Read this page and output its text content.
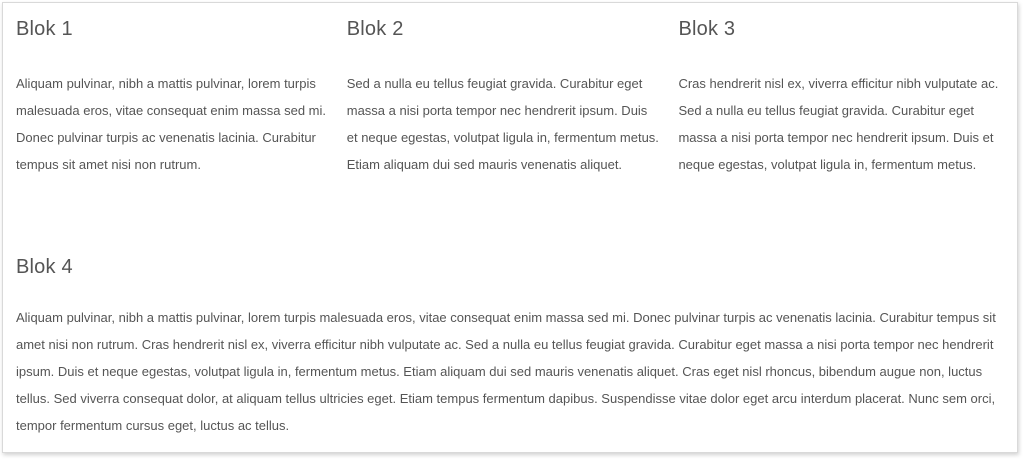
Blok 1

Aliquam pulvinar, nibh a mattis pulvinar, lorem turpis malesuada eros, vitae consequat enim massa sed mi. Donec pulvinar turpis ac venenatis lacinia. Curabitur tempus sit amet nisi non rutrum.

Blok 2

Sed a nulla eu tellus feugiat gravida. Curabitur eget massa a nisi porta tempor nec hendrerit ipsum. Duis et neque egestas, volutpat ligula in, fermentum metus. Etiam aliquam dui sed mauris venenatis aliquet.

Blok 3

Cras hendrerit nisl ex, viverra efficitur nibh vulputate ac. Sed a nulla eu tellus feugiat gravida. Curabitur eget massa a nisi porta tempor nec hendrerit ipsum. Duis et neque egestas, volutpat ligula in, fermentum metus.

Blok 4

Aliquam pulvinar, nibh a mattis pulvinar, lorem turpis malesuada eros, vitae consequat enim massa sed mi. Donec pulvinar turpis ac venenatis lacinia. Curabitur tempus sit amet nisi non rutrum. Cras hendrerit nisl ex, viverra efficitur nibh vulputate ac. Sed a nulla eu tellus feugiat gravida. Curabitur eget massa a nisi porta tempor nec hendrerit ipsum. Duis et neque egestas, volutpat ligula in, fermentum metus. Etiam aliquam dui sed mauris venenatis aliquet. Cras eget nisl rhoncus, bibendum augue non, luctus tellus. Sed viverra consequat dolor, at aliquam tellus ultricies eget. Etiam tempus fermentum dapibus. Suspendisse vitae dolor eget arcu interdum placerat. Nunc sem orci, tempor fermentum cursus eget, luctus ac tellus.
